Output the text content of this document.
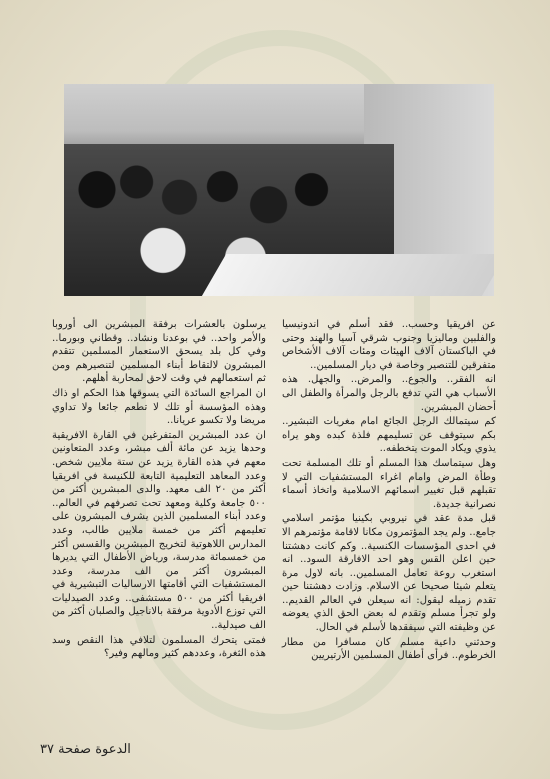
عن افريقيا وحسب.. فقد أسلم في اندونيسيا والفلبين وماليزيا وجنوب شرقي آسيا والهند وحتى في الباكستان آلاف الهيئات ومئات آلاف الأشخاص متفرقين للتنصير وخاصة في ديار المسلمين..

انه الفقر.. والجوع.. والمرض.. والجهل. هذه الأسباب هي التي تدفع بالرجل والمرأة والطفل الى أحضان المبشرين.

كم سيتمالك الرجل الجائع امام مغريات التبشير.. بكم سيتوقف عن تسليمهم فلذة كبده وهو يراه يذوي ويكاد الموت يتخطفه..

وهل سيتماسك هذا المسلم أو تلك المسلمة تحت وطأة المرض وامام اغراء المستشفيات التي لا تقبلهم قبل تغيير اسمائهم الاسلامية واتخاذ أسماء نصرانية جديدة.

قبل مدة عقد في نيروبي بكينيا مؤتمر اسلامي جامع.. ولم يجد المؤتمرون مكانا لاقامة مؤتمرهم الا في احدى المؤسسات الكنسية.. وكم كانت دهشتنا حين اعلن القس وهو احد الافارقة السود.. انه استغرب روعة تعامل المسلمين.. بانه لاول مرة يتعلم شيئا صحيحا عن الاسلام. وزادت دهشتنا حين تقدم زميله ليقول: انه سيعلن في العالم القديم.. ولو تجرأ مسلم وتقدم له بعض الحق الذي يعوضه عن وظيفته التي سيفقدها لأسلم في الحال.

وحدثني داعية مسلم كان مسافرا من مطار الخرطوم.. فرأى أطفال المسلمين الأرتيريين

يرسلون بالعشرات برفقة المبشرين الى أوروبا والأمر واحد.. في بوعدنا ونشاد.. وقطاني وبورما.. وفي كل بلد يسحق الاستعمار المسلمين تتقدم المبشرون لالتقاط أبناء المسلمين لتنصيرهم ومن ثم استعمالهم في وقت لاحق لمحاربة أهلهم.

ان المراجع السائدة التي يسوقها هذا الحكم او ذاك وهذه المؤسسة أو تلك لا تطعم جائعا ولا تداوي مريضا ولا تكسو عريانا..

ان عدد المبشرين المتفرغين في القارة الافريقية وحدها يزيد عن مائة ألف مبشر، وعدد المتعاونين معهم في هذه القارة يزيد عن ستة ملايين شخص. وعدد المعاهد التعليمية التابعة للكنيسة في افريقيا أكثر من ٢٠ الف معهد. والدى المبشرين أكثر من ٥٠٠ جامعة وكلية ومعهد تحت تصرفهم في العالم.. وعدد أبناء المسلمين الذين يشرف المبشرون على تعليمهم أكثر من خمسة ملايين طالب، وعدد المدارس اللاهوتية لتخريج المبشرين والقسس أكثر من خمسمائة مدرسة، ورياض الأطفال التي يديرها المبشرون أكثر من الف مدرسة، وعدد المستشفيات التي أقامتها الارساليات التبشيرية في افريقيا أكثر من ٥٠٠ مستشفى.. وعدد الصيدليات التي توزع الأدوية مرفقة بالاناجيل والصلبان أكثر من الف صيدلية..

فمتى يتحرك المسلمون لتلافي هذا النقص وسد هذه الثغرة، وعددهم كثير ومالهم وفير؟

الدعوة صفحة ٣٧
